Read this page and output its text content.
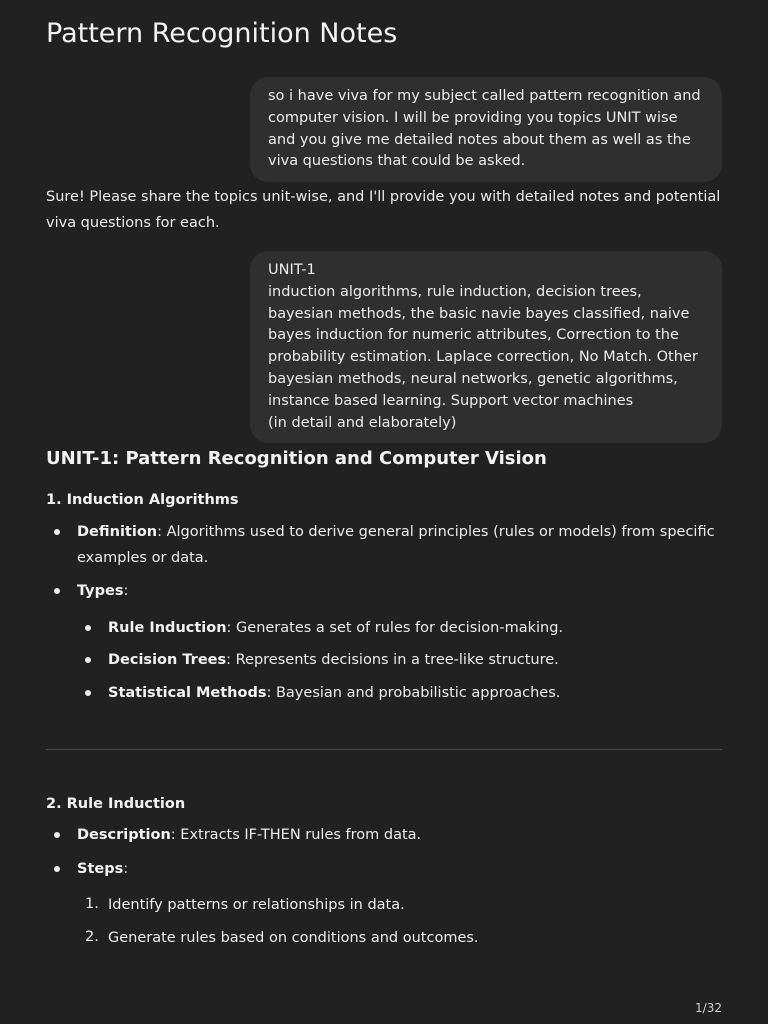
Pattern Recognition Notes
so i have viva for my subject called pattern recognition and
computer vision. I will be providing you topics UNIT wise
and you give me detailed notes about them as well as the
viva questions that could be asked.
Sure! Please share the topics unit-wise, and I'll provide you with detailed notes and potential viva questions for each.
UNIT-1
induction algorithms, rule induction, decision trees,
bayesian methods, the basic navie bayes classified, naive
bayes induction for numeric attributes, Correction to the
probability estimation. Laplace correction, No Match. Other
bayesian methods, neural networks, genetic algorithms,
instance based learning. Support vector machines
(in detail and elaborately)
UNIT-1: Pattern Recognition and Computer Vision
1. Induction Algorithms
Definition: Algorithms used to derive general principles (rules or models) from specific examples or data.
Types:
Rule Induction: Generates a set of rules for decision-making.
Decision Trees: Represents decisions in a tree-like structure.
Statistical Methods: Bayesian and probabilistic approaches.
2. Rule Induction
Description: Extracts IF-THEN rules from data.
Steps:
1. Identify patterns or relationships in data.
2. Generate rules based on conditions and outcomes.
1/32
